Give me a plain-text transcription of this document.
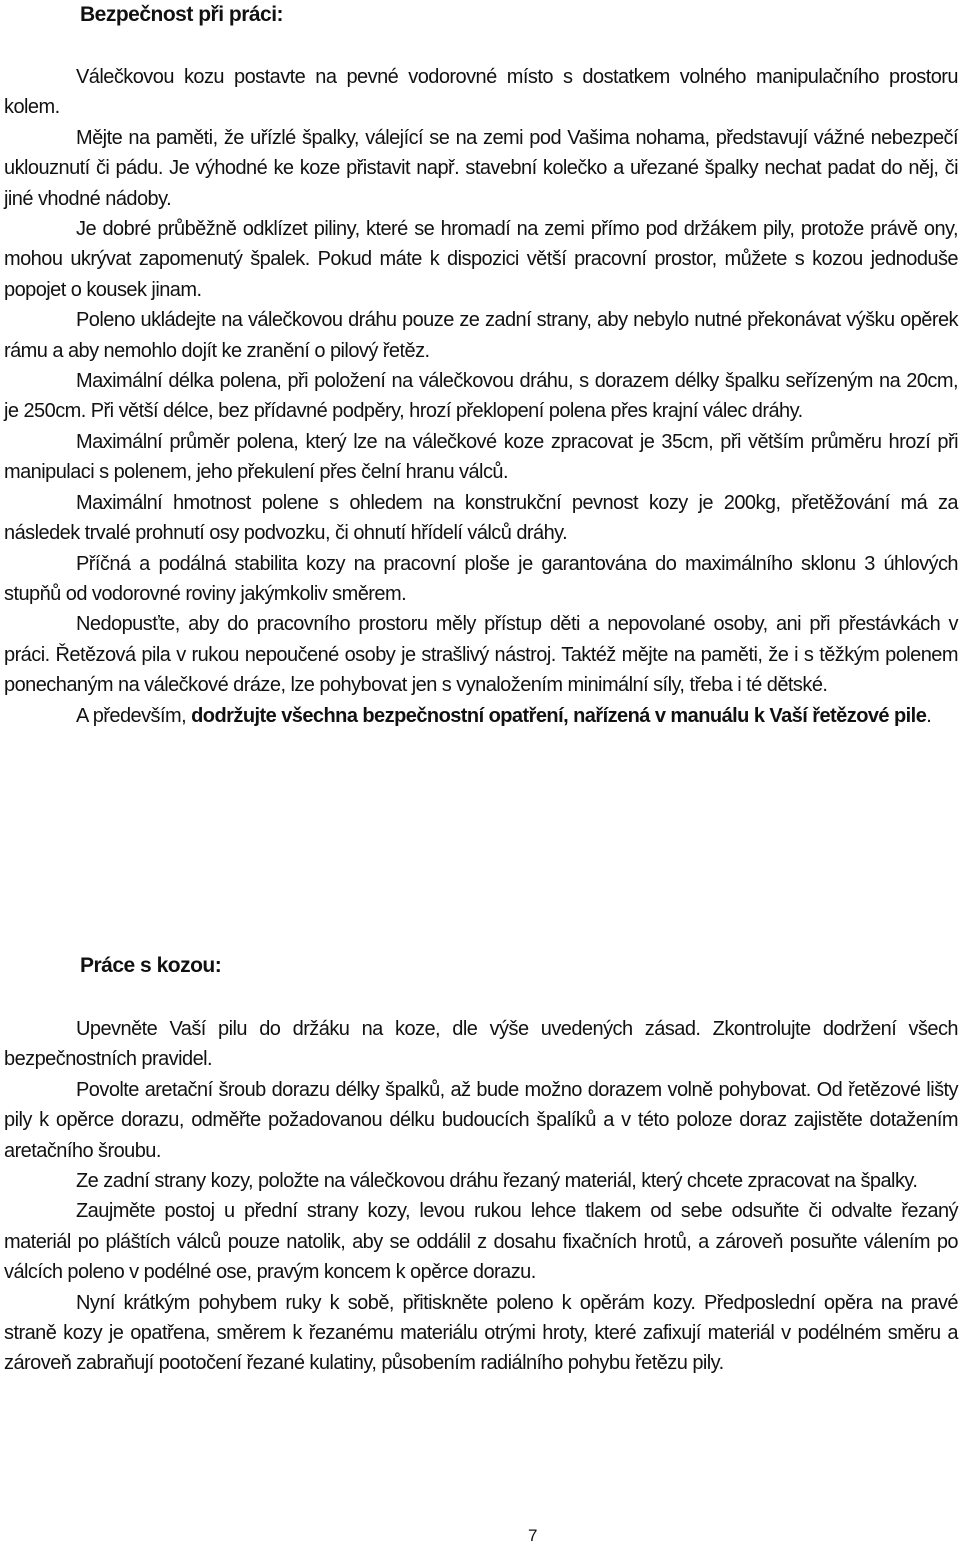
Bezpečnost při práci:

Válečkovou kozu postavte na pevné vodorovné místo s dostatkem volného manipulačního prostoru kolem.

Mějte na paměti, že uřízlé špalky, válející se na zemi pod Vašima nohama, představují vážné nebezpečí uklouznutí či pádu. Je výhodné ke koze přistavit např. stavební kolečko a uřezané špalky nechat padat do něj, či jiné vhodné nádoby.

Je dobré průběžně odklízet piliny, které se hromadí na zemi přímo pod držákem pily, protože právě ony, mohou ukrývat zapomenutý špalek. Pokud máte k dispozici větší pracovní prostor, můžete s kozou jednoduše popojet o kousek jinam.

Poleno ukládejte na válečkovou dráhu pouze ze zadní strany, aby nebylo nutné překonávat výšku opěrek rámu a aby nemohlo dojít ke zranění o pilový řetěz.

Maximální délka polena, při položení na válečkovou dráhu, s dorazem délky špalku seřízeným na 20cm, je 250cm. Při větší délce, bez přídavné podpěry, hrozí překlopení polena přes krajní válec dráhy.

Maximální průměr polena, který lze na válečkové koze zpracovat je 35cm, při větším průměru hrozí při manipulaci s polenem, jeho překulení přes čelní hranu válců.

Maximální hmotnost polene s ohledem na konstrukční pevnost kozy je 200kg, přetěžování má za následek trvalé prohnutí osy podvozku, či ohnutí hřídelí válců dráhy.

Příčná a podálná stabilita kozy na pracovní ploše je garantována do maximálního sklonu 3 úhlových stupňů od vodorovné roviny jakýmkoliv směrem.

Nedopusťte, aby do pracovního prostoru měly přístup děti a nepovolané osoby, ani při přestávkách v práci. Řetězová pila v rukou nepoučené osoby je strašlivý nástroj. Taktéž mějte na paměti, že i s těžkým polenem ponechaným na válečkové dráze, lze pohybovat jen s vynaložením minimální síly, třeba i té dětské.

A především, dodržujte všechna bezpečnostní opatření, nařízená v manuálu k Vaší řetězové pile.

Práce s kozou:

Upevněte Vaší pilu do držáku na koze, dle výše uvedených zásad. Zkontrolujte dodržení všech bezpečnostních pravidel.

Povolte aretační šroub dorazu délky špalků, až bude možno dorazem volně pohybovat. Od řetězové lišty pily k opěrce dorazu, odměřte požadovanou délku budoucích špalíků a v této poloze doraz zajistěte dotažením aretačního šroubu.

Ze zadní strany kozy, položte na válečkovou dráhu řezaný materiál, který chcete zpracovat na špalky.

Zaujměte postoj u přední strany kozy, levou rukou lehce tlakem od sebe odsuňte či odvalte řezaný materiál po pláštích válců pouze natolik, aby se oddálil z dosahu fixačních hrotů, a zároveň posuňte válením po válcích poleno v podélné ose, pravým koncem k opěrce dorazu.

Nyní krátkým pohybem ruky k sobě, přitiskněte poleno k opěrám kozy. Předposlední opěra na pravé straně kozy je opatřena, směrem k řezanému materiálu otrými hroty, které zafixují materiál v podélném směru a zároveň zabraňují pootočení řezané kulatiny, působením radiálního pohybu řetězu pily.

7
